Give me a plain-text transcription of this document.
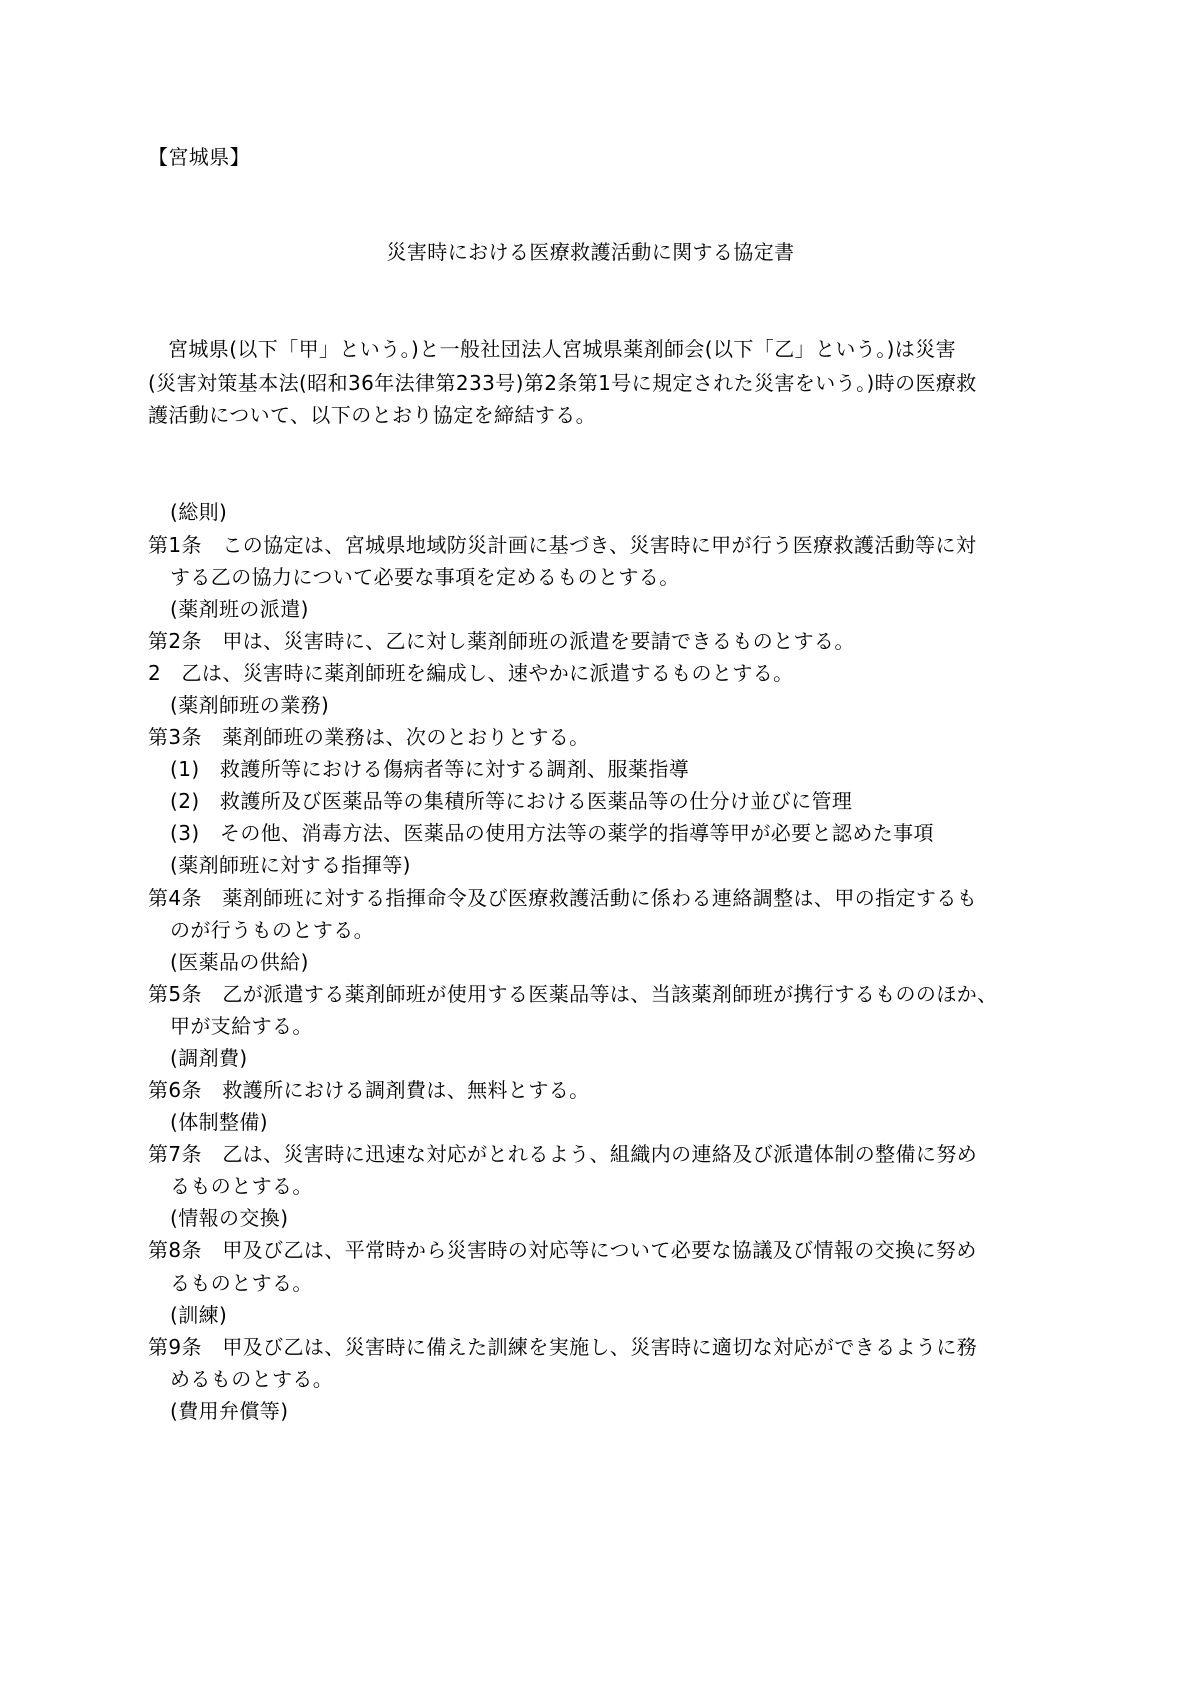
【宮城県】

災害時における医療救護活動に関する協定書

宮城県(以下「甲」という。)と一般社団法人宮城県薬剤師会(以下「乙」という。)は災害

(災害対策基本法(昭和36年法律第233号)第2条第1号に規定された災害をいう。)時の医療救

護活動について、以下のとおり協定を締結する。

(総則)

第1条　この協定は、宮城県地域防災計画に基づき、災害時に甲が行う医療救護活動等に対

する乙の協力について必要な事項を定めるものとする。

(薬剤班の派遣)

第2条　甲は、災害時に、乙に対し薬剤師班の派遣を要請できるものとする。

2　乙は、災害時に薬剤師班を編成し、速やかに派遣するものとする。

(薬剤師班の業務)

第3条　薬剤師班の業務は、次のとおりとする。

(1)　救護所等における傷病者等に対する調剤、服薬指導

(2)　救護所及び医薬品等の集積所等における医薬品等の仕分け並びに管理

(3)　その他、消毒方法、医薬品の使用方法等の薬学的指導等甲が必要と認めた事項

(薬剤師班に対する指揮等)

第4条　薬剤師班に対する指揮命令及び医療救護活動に係わる連絡調整は、甲の指定するも

のが行うものとする。

(医薬品の供給)

第5条　乙が派遣する薬剤師班が使用する医薬品等は、当該薬剤師班が携行するもののほか、

甲が支給する。

(調剤費)

第6条　救護所における調剤費は、無料とする。

(体制整備)

第7条　乙は、災害時に迅速な対応がとれるよう、組織内の連絡及び派遣体制の整備に努め

るものとする。

(情報の交換)

第8条　甲及び乙は、平常時から災害時の対応等について必要な協議及び情報の交換に努め

るものとする。

(訓練)

第9条　甲及び乙は、災害時に備えた訓練を実施し、災害時に適切な対応ができるように務

めるものとする。

(費用弁償等)
